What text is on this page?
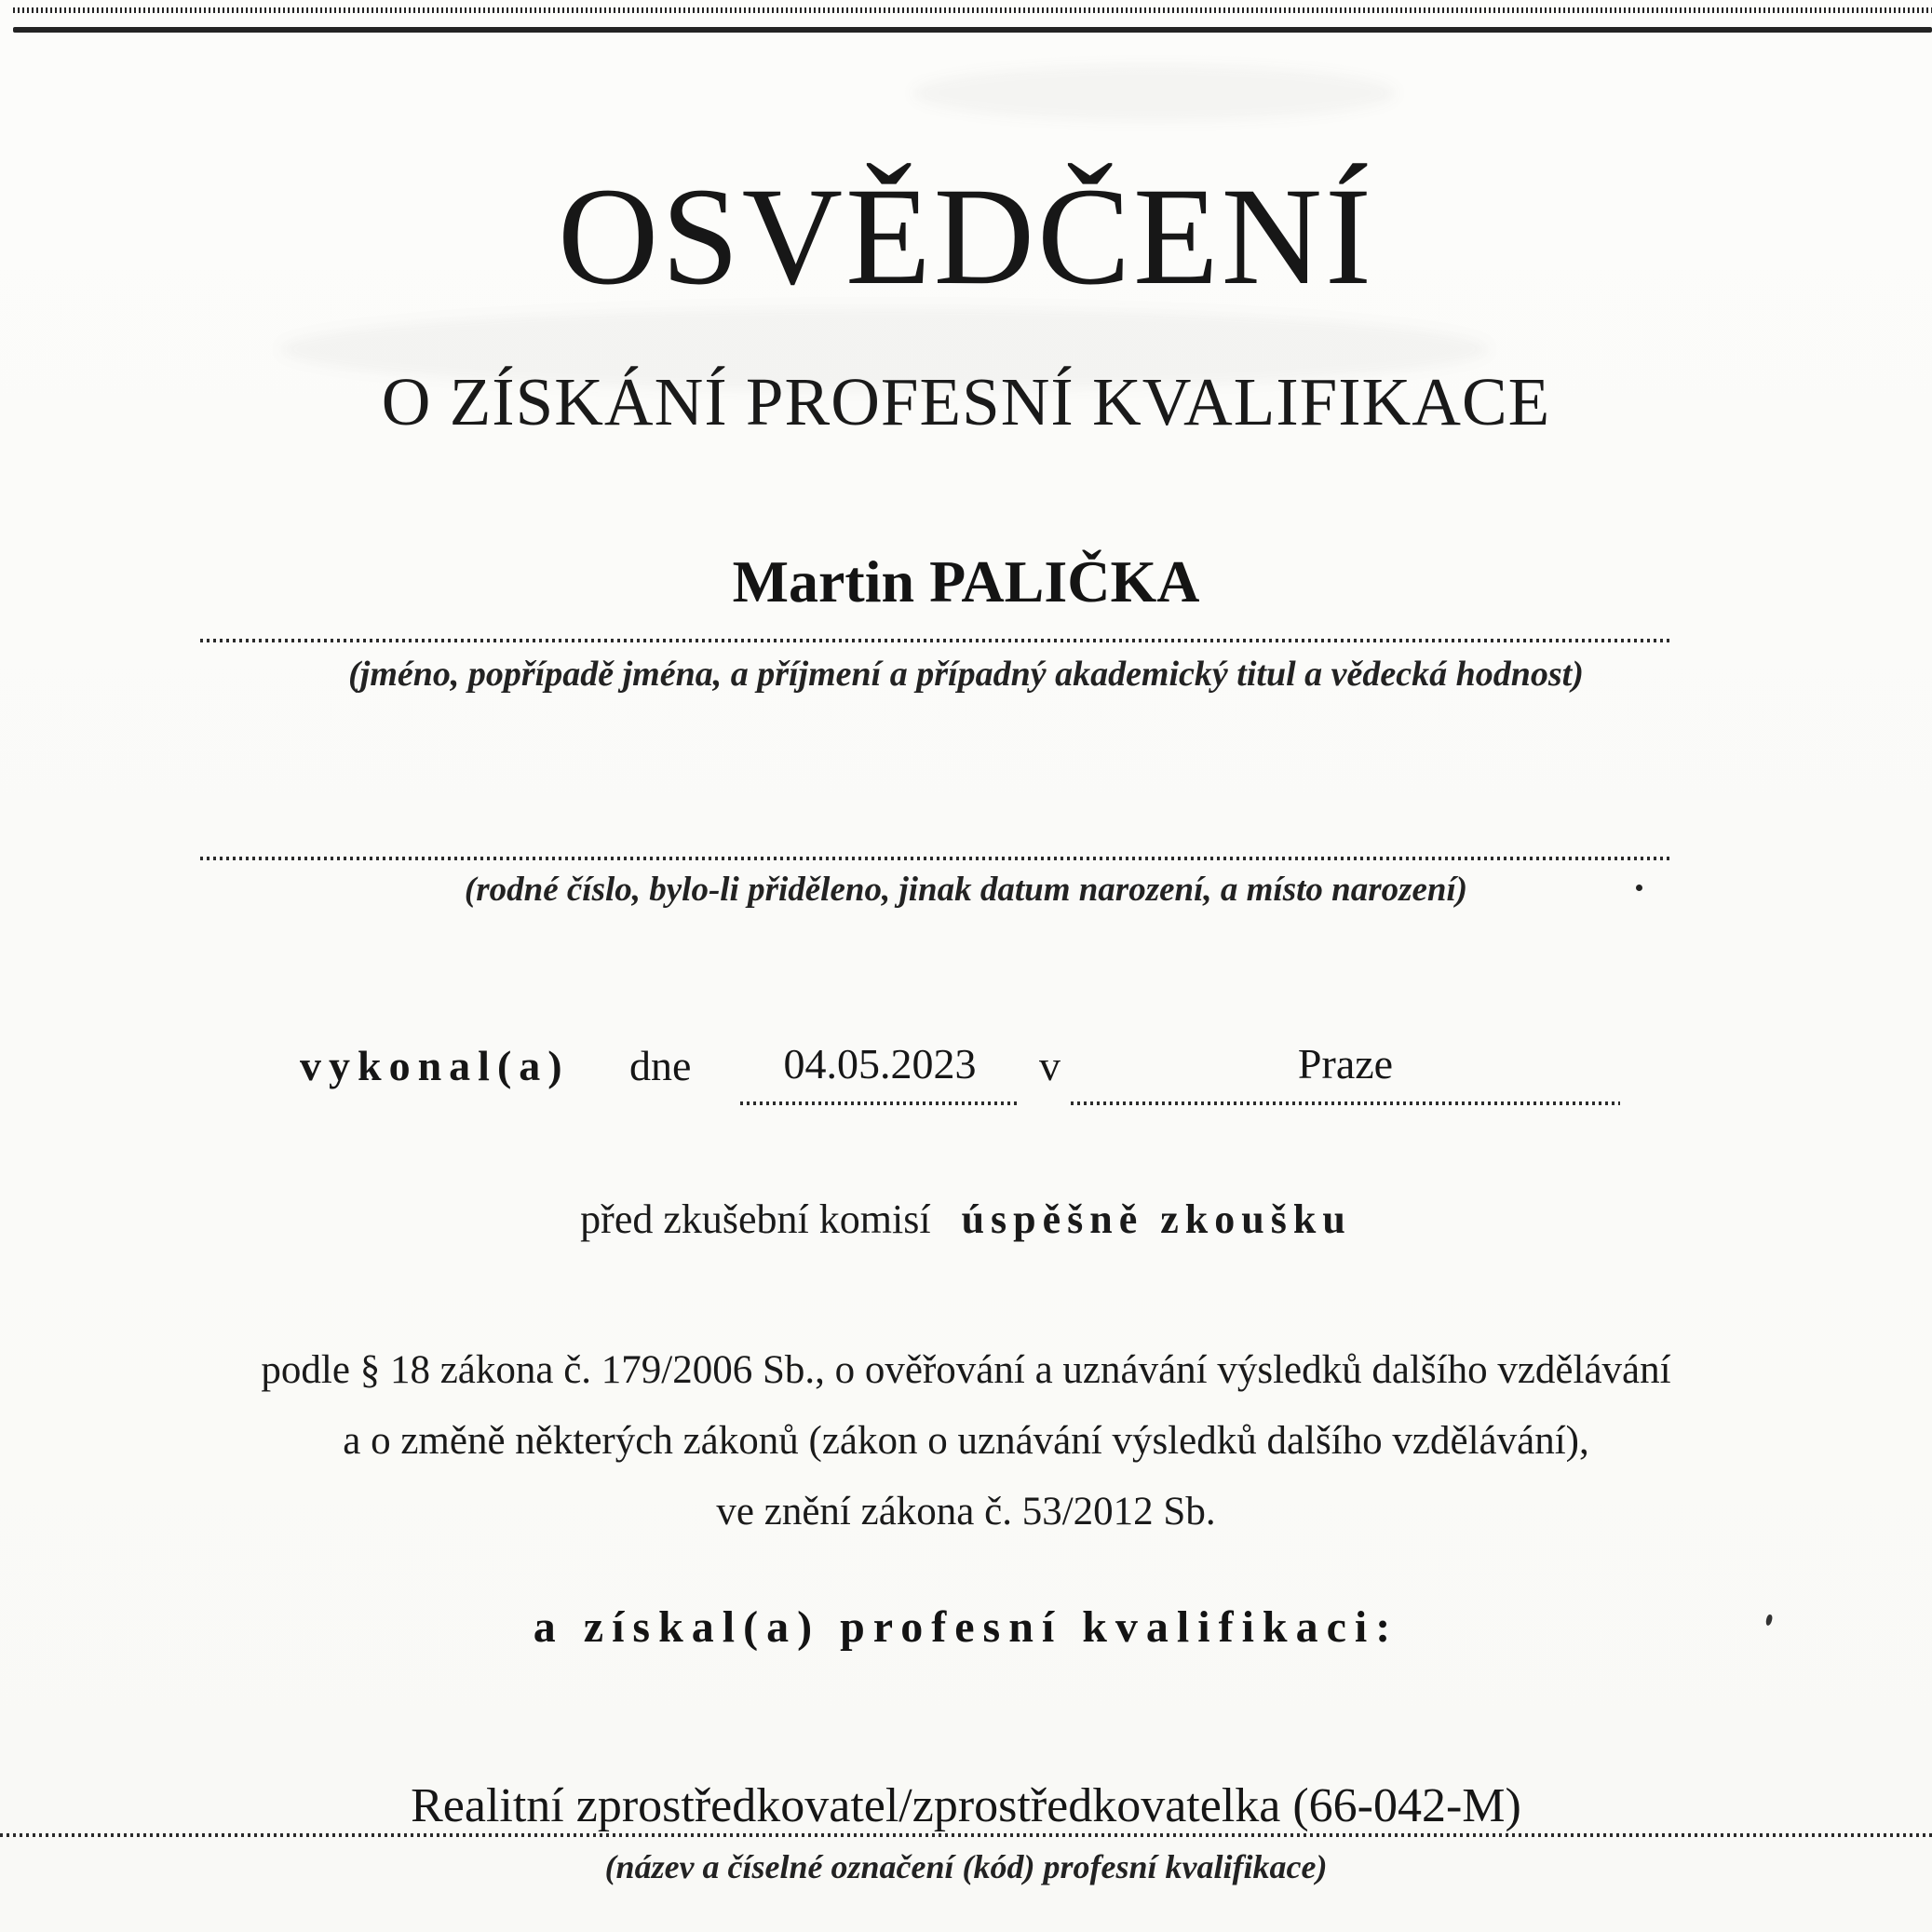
OSVĚDČENÍ
O ZÍSKÁNÍ PROFESNÍ KVALIFIKACE
Martin PALIČKA
(jméno, popřípadě jména, a příjmení a případný akademický titul a vědecká hodnost)
(rodné číslo, bylo-li přiděleno, jinak datum narození, a místo narození)
vykonal(a) dne	04.05.2023	v	Praze
před zkušební komisí úspěšně zkoušku
podle § 18 zákona č. 179/2006 Sb., o ověřování a uznávání výsledků dalšího vzdělávání
a o změně některých zákonů (zákon o uznávání výsledků dalšího vzdělávání),
ve znění zákona č. 53/2012 Sb.
a získal(a) profesní kvalifikaci:
Realitní zprostředkovatel/zprostředkovatelka (66-042-M)
(název a číselné označení (kód) profesní kvalifikace)
